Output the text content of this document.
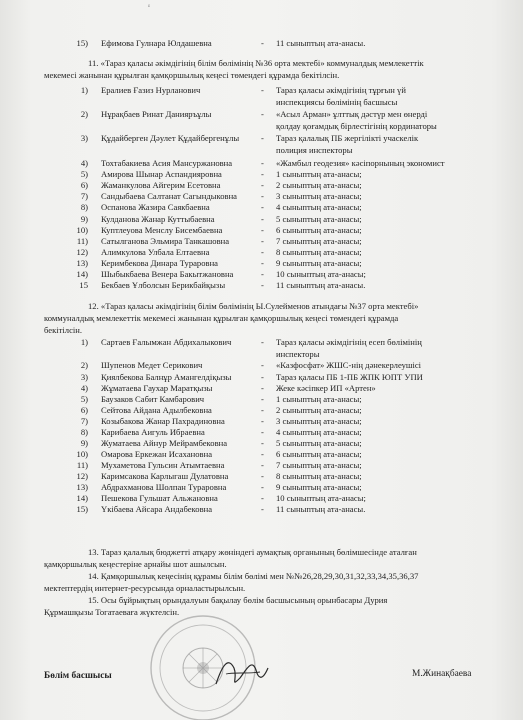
ᵍ
15) Ефимова Гулнара Юлдашевна	- 11 сыныптың ата-анасы.
11. «Тараз қаласы әкімдігінің білім бөлімінің №36 орта мектебі» коммуналдық мемлекеттік
мекемесі жанынан құрылған қамқоршылық кеңесі төмендегі құрамда бекітілсін.
1) Ералиев Ғазиз Нурланович	- Тараз қаласы әкімдігінің тұрғын үй
инспекциясы бөлімінің басшысы
2) Нұрақбаев Ринат Данияръұлы	- «Асыл Арман» ұлттық дәстүр мен өнерді
қолдау қоғамдық бірлестігінің кординаторы
3) Құдайберген Дәулет Құдайбергенұлы	- Тараз қалалық ПБ жергілікті учаскелік
полиция инспекторы
4) Тохтабакиева Асия Мансуржановна	- «Жамбыл геодезия» кәсіпорнының экономист
5) Амирова Шынар Аспандияровна	- 1 сыныптың ата-анасы;
6) Жаманкулова Айгерим Есетовна	- 2 сыныптың ата-анасы;
7) Сандыбаева Салтанат Сагындыковна	- 3 сыныптың ата-анасы;
8) Оспанова Жазира Саякбаевна	- 4 сыныптың ата-анасы;
9) Кулданова Жанар Куттыбаевна	- 5 сыныптың ата-анасы;
10) Куптлеуова Менслу Бисембаевна	- 6 сыныптың ата-анасы;
11) Сатылганова Эльмира Танкашовна	- 7 сыныптың ата-анасы;
12) Алимкулова Улбала Елтаевна	- 8 сыныптың ата-анасы;
13) Керимбекова Динара Тураровна	- 9 сыныптың ата-анасы;
14) Шыбыкбаева Венера Бакытжановна	- 10 сыныптың ата-анасы;
15 Бекбаев Ұлболсын Берикбайқызы	- 11 сыныптың ата-анасы.
12. «Тараз қаласы әкімдігінің білім бөлімінің Ы.Сулейменов атындағы №37 орта мектебі»
коммуналдық мемлекеттік мекемесі жанынан құрылған қамқоршылық кеңесі төмендегі құрамда
бекітілсін.
1) Сартаев Ғалымжан Абдихалыкович	- Тараз қаласы әкімдігінің есеп бөлімінің
инспекторы
2) Шупенов Медет Серикович	- «Казфосфат» ЖШС-нің дәнекерлеушісі
3) Қиялбекова Балнұр Амангелдіқызы	- Тараз қаласы ПБ 1-ПБ ЖПК ЮПТ УПИ
4) Жұматаева Гаухар Маратқызы	- Жеке кәсіпкер ИП «Артен»
5) Баузаков Сабит Камбарович	- 1 сыныптың ата-анасы;
6) Сейтова Айдана Адылбековна	- 2 сыныптың ата-анасы;
7) Козыбакова Жанар Пахрадиновна	- 3 сыныптың ата-анасы;
8) Карибаева Аигуль Ибраевна	- 4 сыныптың ата-анасы;
9) Жуматаева Айнур Мейрамбековна	- 5 сыныптың ата-анасы;
10) Омарова Еркежан Исахановна	- 6 сыныптың ата-анасы;
11) Мухаметова Гульсин Атымтаевна	- 7 сыныптың ата-анасы;
12) Каримсакова Карлыгаш Дулатовна	- 8 сыныптың ата-анасы;
13) Абдрахманова Шолпан Тураровна	- 9 сыныптың ата-анасы;
14) Пешекова Гульшат Альжановна	- 10 сыныптың ата-анасы;
15) Үкібаева Айсара Андабековна	- 11 сыныптың ата-анасы.
13. Тараз қалалық бюджетті атқару жөніндегі аумақтық органының бөлімшесінде аталған
қамқоршылық кеңестеріне арнайы шот ашылсын.
14. Қамқоршылық кеңесінің құрамы білім бөлімі мен №№26,28,29,30,31,32,33,34,35,36,37
мектептердің интернет-ресурсында орналастырылсын.
15. Осы бұйрықтың орындалуын бақылау бөлім басшысының орынбасары Дурия
Құрмашқызы Тогатаеваға жүктелсін.
Бөлім басшысы	М.Жинақбаева
